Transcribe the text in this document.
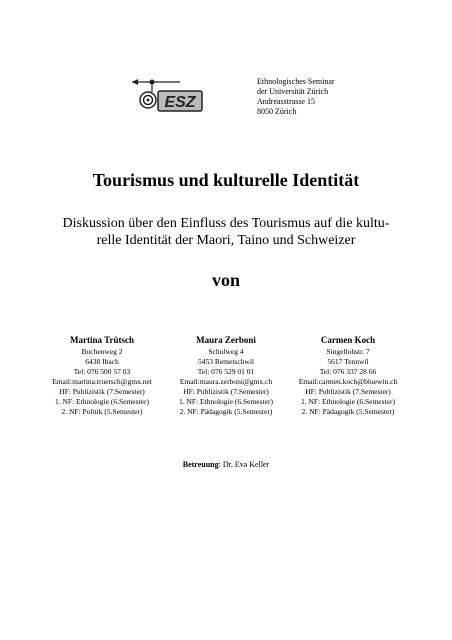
ESZ
Ethnologisches Seminar
der Universität Zürich
Andreasstrasse 15
8050 Zürich
Tourismus und kulturelle Identität
Diskussion über den Einfluss des Tourismus auf die kultu-
relle Identität der Maori, Taino und Schweizer
von
Martina Trütsch
Buchenweg 2
6438 Ibach
Tel: 076 500 57 03
Email:martina.truetsch@gmx.net
HF: Publizistik (7.Semester)
1. NF: Ethnologie (6.Semester)
2. NF: Politik (5.Semester)
Maura Zerboni
Schulweg 4
5453 Remetschwil
Tel: 076 529 01 01
Email:maura.zerboni@gmx.ch
HF: Publizistik (7.Semester)
1. NF: Ethnologie (6.Semester)
2. NF: Pädagogik (5.Semester)
Carmen Koch
Singellohstr. 7
5617 Tennwil
Tel: 076 337 28 66
Email:carmen.koch@bluewin.ch
HF: Publizistik (7.Semester)
1. NF: Ethnologie (6.Semester)
2. NF: Pädagogik (5.Semester)
Betreuung: Dr. Eva Keller
